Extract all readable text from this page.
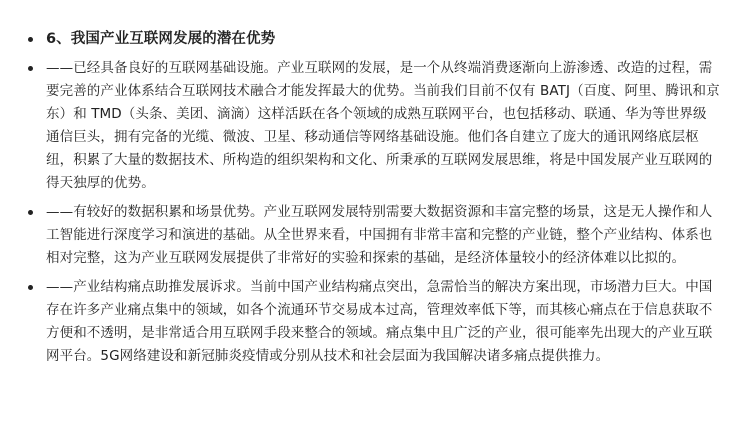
6、我国产业互联网发展的潜在优势
——已经具备良好的互联网基础设施。产业互联网的发展，是一个从终端消费逐渐向上游渗透、改造的过程，需要完善的产业体系结合互联网技术融合才能发挥最大的优势。当前我们目前不仅有 BATJ（百度、阿里、腾讯和京东）和 TMD（头条、美团、滴滴）这样活跃在各个领域的成熟互联网平台，也包括移动、联通、华为等世界级通信巨头，拥有完备的光缆、微波、卫星、移动通信等网络基础设施。他们各自建立了庞大的通讯网络底层枢纽，积累了大量的数据技术、所构造的组织架构和文化、所秉承的互联网发展思维，将是中国发展产业互联网的得天独厚的优势。
——有较好的数据积累和场景优势。产业互联网发展特别需要大数据资源和丰富完整的场景，这是无人操作和人工智能进行深度学习和演进的基础。从全世界来看，中国拥有非常丰富和完整的产业链，整个产业结构、体系也相对完整，这为产业互联网发展提供了非常好的实验和探索的基础，是经济体量较小的经济体难以比拟的。
——产业结构痛点助推发展诉求。当前中国产业结构痛点突出，急需恰当的解决方案出现，市场潜力巨大。中国存在许多产业痛点集中的领域，如各个流通环节交易成本过高，管理效率低下等，而其核心痛点在于信息获取不方便和不透明，是非常适合用互联网手段来整合的领域。痛点集中且广泛的产业，很可能率先出现大的产业互联网平台。5G网络建设和新冠肺炎疫情或分别从技术和社会层面为我国解决诸多痛点提供推力。
